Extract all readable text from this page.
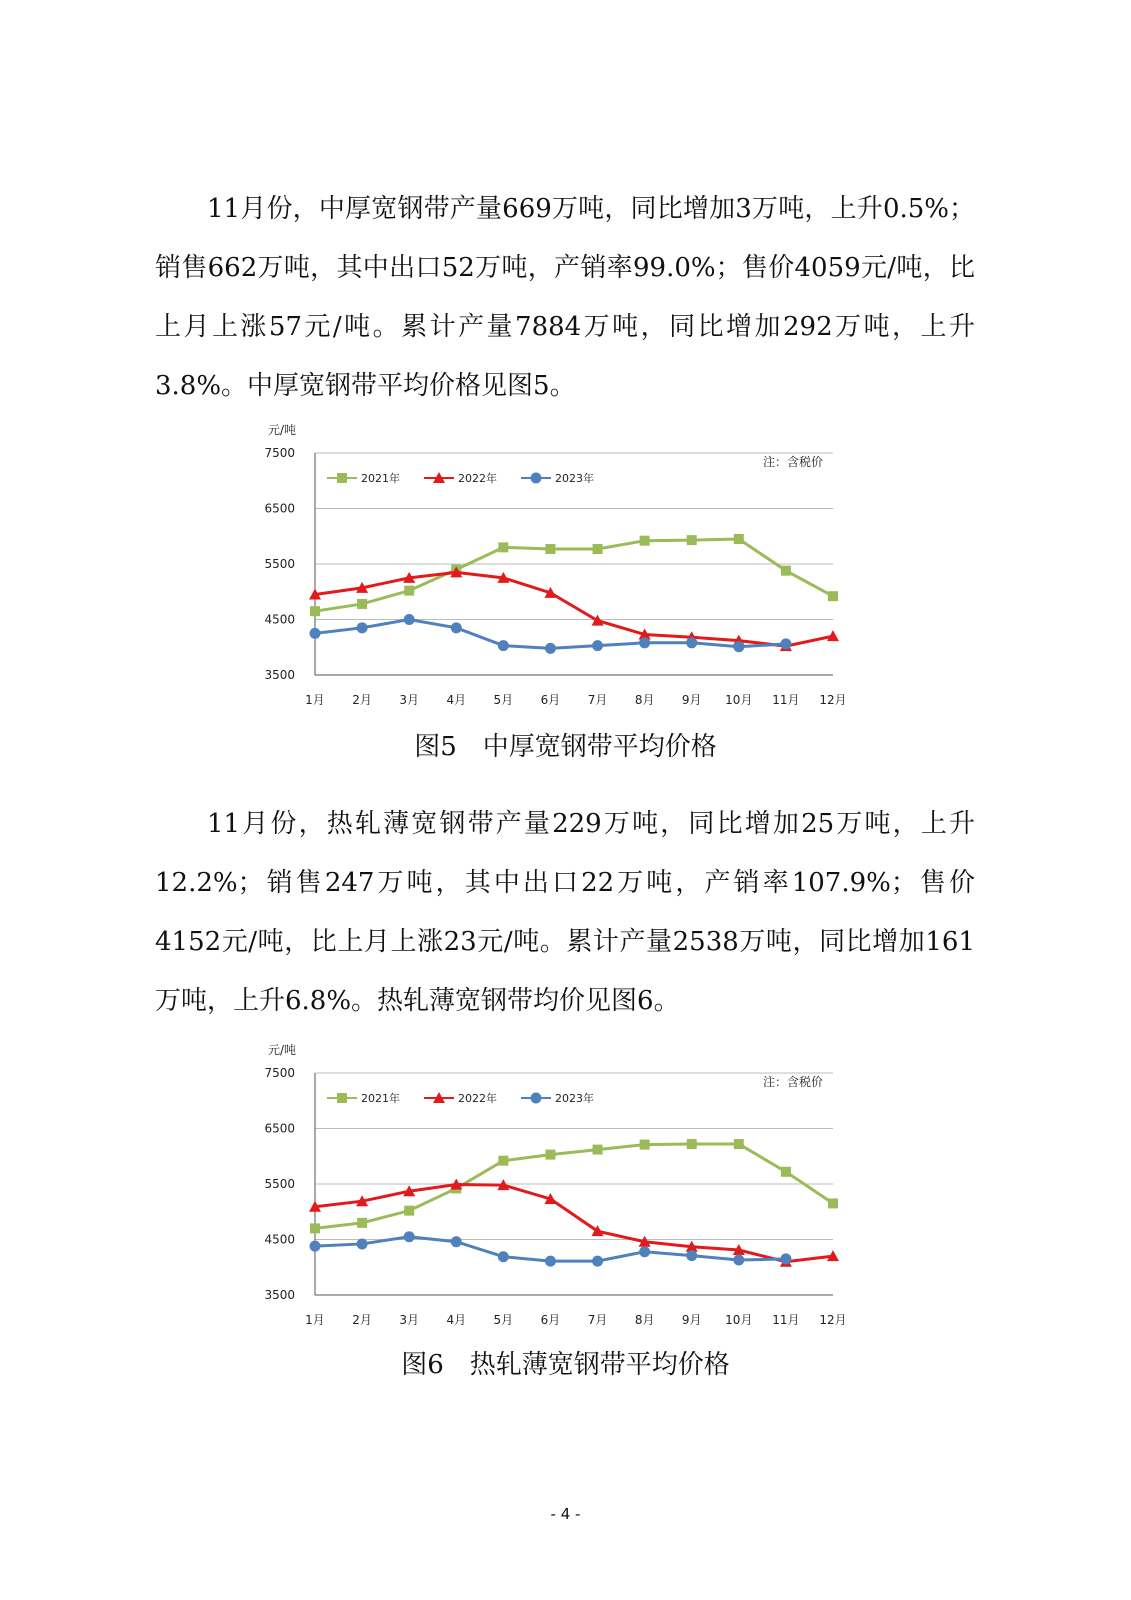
11月份，中厚宽钢带产量669万吨，同比增加3万吨，上升0.5%；销售662万吨，其中出口52万吨，产销率99.0%；售价4059元/吨，比上月上涨57元/吨。累计产量7884万吨，同比增加292万吨，上升3.8%。中厚宽钢带平均价格见图5。

元/吨
3500
4500
5500
6500
7500
1月 2月 3月 4月 5月 6月 7月 8月 9月 10月 11月 12月
注：含税价
2021年	2022年	2023年
图5　中厚宽钢带平均价格

11月份，热轧薄宽钢带产量229万吨，同比增加25万吨，上升12.2%；销售247万吨，其中出口22万吨，产销率107.9%；售价4152元/吨，比上月上涨23元/吨。累计产量2538万吨，同比增加161万吨，上升6.8%。热轧薄宽钢带均价见图6。

元/吨
3500
4500
5500
6500
7500
1月 2月 3月 4月 5月 6月 7月 8月 9月 10月 11月 12月
注：含税价
2021年	2022年	2023年
图6　热轧薄宽钢带平均价格
- 4 -
